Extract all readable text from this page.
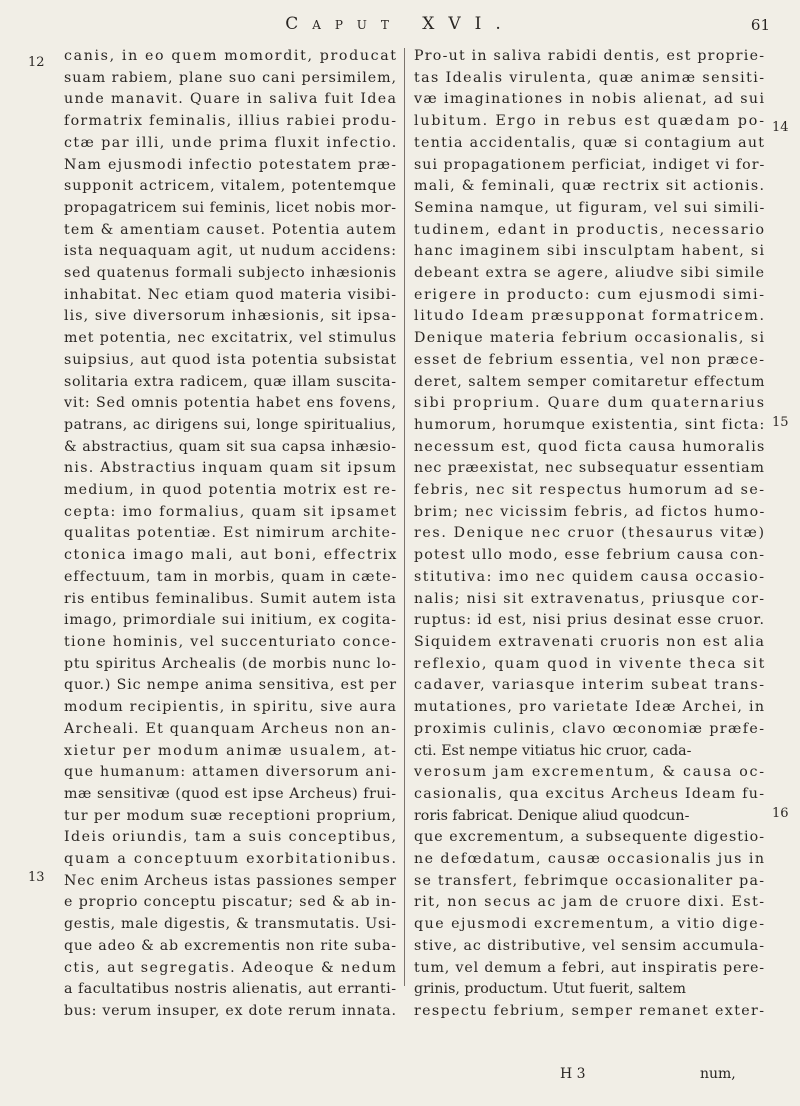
Caput XVI.	61
canis, in eo quem momordit, producat
suam rabiem, plane suo cani persimilem,
unde manavit. Quare in saliva fuit Idea
formatrix feminalis, illius rabiei produ-
ctæ par illi, unde prima fluxit infectio.
Nam ejusmodi infectio potestatem præ-
supponit actricem, vitalem, potentemque
propagatricem sui feminis, licet nobis mor-
tem & amentiam causet. Potentia autem
ista nequaquam agit, ut nudum accidens:
sed quatenus formali subjecto inhæsionis
inhabitat. Nec etiam quod materia visibi-
lis, sive diversorum inhæsionis, sit ipsa-
met potentia, nec excitatrix, vel stimulus
suipsius, aut quod ista potentia subsistat
solitaria extra radicem, quæ illam suscita-
vit: Sed omnis potentia habet ens fovens,
patrans, ac dirigens sui, longe spiritualius,
& abstractius, quam sit sua capsa inhæsio-
nis. Abstractius inquam quam sit ipsum
medium, in quod potentia motrix est re-
cepta: imo formalius, quam sit ipsamet
qualitas potentiæ. Est nimirum archite-
ctonica imago mali, aut boni, effectrix
effectuum, tam in morbis, quam in cæte-
ris entibus feminalibus. Sumit autem ista
imago, primordiale sui initium, ex cogita-
tione hominis, vel succenturiato conce-
ptu spiritus Archealis (de morbis nunc lo-
quor.) Sic nempe anima sensitiva, est per
modum recipientis, in spiritu, sive aura
Archeali. Et quanquam Archeus non an-
xietur per modum animæ usualem, at-
que humanum: attamen diversorum ani-
mæ sensitivæ (quod est ipse Archeus) frui-
tur per modum suæ receptioni proprium,
Ideis oriundis, tam a suis conceptibus,
quam a conceptuum exorbitationibus.
Nec enim Archeus istas passiones semper
e proprio conceptu piscatur; sed & ab in-
gestis, male digestis, & transmutatis. Usi-
que adeo & ab excrementis non rite suba-
ctis, aut segregatis. Adeoque & nedum
a facultatibus nostris alienatis, aut erranti-
bus: verum insuper, ex dote rerum innata.
Pro-ut in saliva rabidi dentis, est proprie-
tas Idealis virulenta, quæ animæ sensiti-
væ imaginationes in nobis alienat, ad sui
lubitum. Ergo in rebus est quædam po-
tentia accidentalis, quæ si contagium aut
sui propagationem perficiat, indiget vi for-
mali, & feminali, quæ rectrix sit actionis.
Semina namque, ut figuram, vel sui simili-
tudinem, edant in productis, necessario
hanc imaginem sibi insculptam habent, si
debeant extra se agere, aliudve sibi simile
erigere in producto: cum ejusmodi simi-
litudo Ideam præsupponat formatricem.
Denique materia febrium occasionalis, si
esset de febrium essentia, vel non præce-
deret, saltem semper comitaretur effectum
sibi proprium. Quare dum quaternarius
humorum, horumque existentia, sint ficta:
necessum est, quod ficta causa humoralis
nec præexistat, nec subsequatur essentiam
febris, nec sit respectus humorum ad se-
brim; nec vicissim febris, ad fictos humo-
res. Denique nec cruor (thesaurus vitæ)
potest ullo modo, esse febrium causa con-
stitutiva: imo nec quidem causa occasio-
nalis; nisi sit extravenatus, priusque cor-
ruptus: id est, nisi prius desinat esse cruor.
Siquidem extravenati cruoris non est alia
reflexio, quam quod in vivente theca sit
cadaver, variasque interim subeat trans-
mutationes, pro varietate Ideæ Archei, in
proximis culinis, clavo œconomiæ præfe-
cti. Est nempe vitiatus hic cruor, cada-
verosum jam excrementum, & causa oc-
casionalis, qua excitus Archeus Ideam fu-
roris fabricat. Denique aliud quodcun-
que excrementum, a subsequente digestio-
ne defœdatum, causæ occasionalis jus in
se transfert, febrimque occasionaliter pa-
rit, non secus ac jam de cruore dixi. Est-
que ejusmodi excrementum, a vitio dige-
stive, ac distributive, vel sensim accumula-
tum, vel demum a febri, aut inspiratis pere-
grinis, productum. Utut fuerit, saltem
respectu febrium, semper remanet exter-
12
13
14
15
16
H 3	num,
